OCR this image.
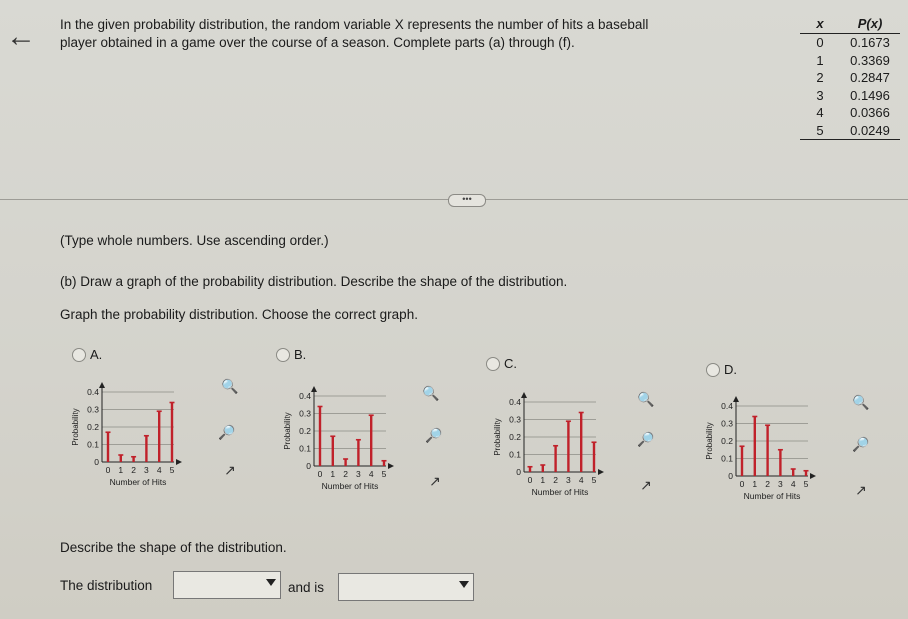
← In the given probability distribution, the random variable X represents the number of hits a baseball
player obtained in a game over the course of a season. Complete parts (a) through (f).
x	P(x)
0	0.1673
1	0.3369
2	0.2847
3	0.1496
4	0.0366
5	0.0249
•••
(Type whole numbers. Use ascending order.)
(b) Draw a graph of the probability distribution. Describe the shape of the distribution.
Graph the probability distribution. Choose the correct graph.
A.	B.
C.	D.
0.4
0.3
0.2
0.1
0
0 1 2 3 4 5
Number of Hits
Probability
0.4
0.3
0.2
0.1
0
0 1 2 3 4 5
Number of Hits
Probability
0.4
0.3
0.2
0.1
0
0 1 2 3 4 5
Number of Hits
Probability
0.4
0.3
0.2
0.1
0
0 1 2 3 4 5
Number of Hits
Probability
🔍
🔎
↗
🔍
🔎
↗
🔍
🔎
↗
🔍
🔎
↗
Describe the shape of the distribution.
The distribution	and is
